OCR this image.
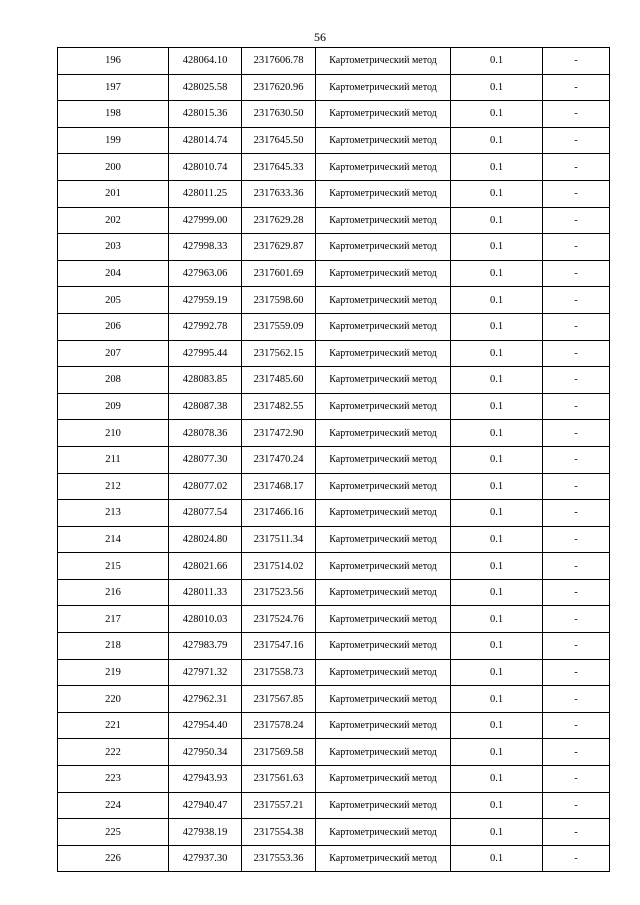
56
196	428064.10	2317606.78	Картометрический метод	0.1	-
197	428025.58	2317620.96	Картометрический метод	0.1	-
198	428015.36	2317630.50	Картометрический метод	0.1	-
199	428014.74	2317645.50	Картометрический метод	0.1	-
200	428010.74	2317645.33	Картометрический метод	0.1	-
201	428011.25	2317633.36	Картометрический метод	0.1	-
202	427999.00	2317629.28	Картометрический метод	0.1	-
203	427998.33	2317629.87	Картометрический метод	0.1	-
204	427963.06	2317601.69	Картометрический метод	0.1	-
205	427959.19	2317598.60	Картометрический метод	0.1	-
206	427992.78	2317559.09	Картометрический метод	0.1	-
207	427995.44	2317562.15	Картометрический метод	0.1	-
208	428083.85	2317485.60	Картометрический метод	0.1	-
209	428087.38	2317482.55	Картометрический метод	0.1	-
210	428078.36	2317472.90	Картометрический метод	0.1	-
211	428077.30	2317470.24	Картометрический метод	0.1	-
212	428077.02	2317468.17	Картометрический метод	0.1	-
213	428077.54	2317466.16	Картометрический метод	0.1	-
214	428024.80	2317511.34	Картометрический метод	0.1	-
215	428021.66	2317514.02	Картометрический метод	0.1	-
216	428011.33	2317523.56	Картометрический метод	0.1	-
217	428010.03	2317524.76	Картометрический метод	0.1	-
218	427983.79	2317547.16	Картометрический метод	0.1	-
219	427971.32	2317558.73	Картометрический метод	0.1	-
220	427962.31	2317567.85	Картометрический метод	0.1	-
221	427954.40	2317578.24	Картометрический метод	0.1	-
222	427950.34	2317569.58	Картометрический метод	0.1	-
223	427943.93	2317561.63	Картометрический метод	0.1	-
224	427940.47	2317557.21	Картометрический метод	0.1	-
225	427938.19	2317554.38	Картометрический метод	0.1	-
226	427937.30	2317553.36	Картометрический метод	0.1	-
